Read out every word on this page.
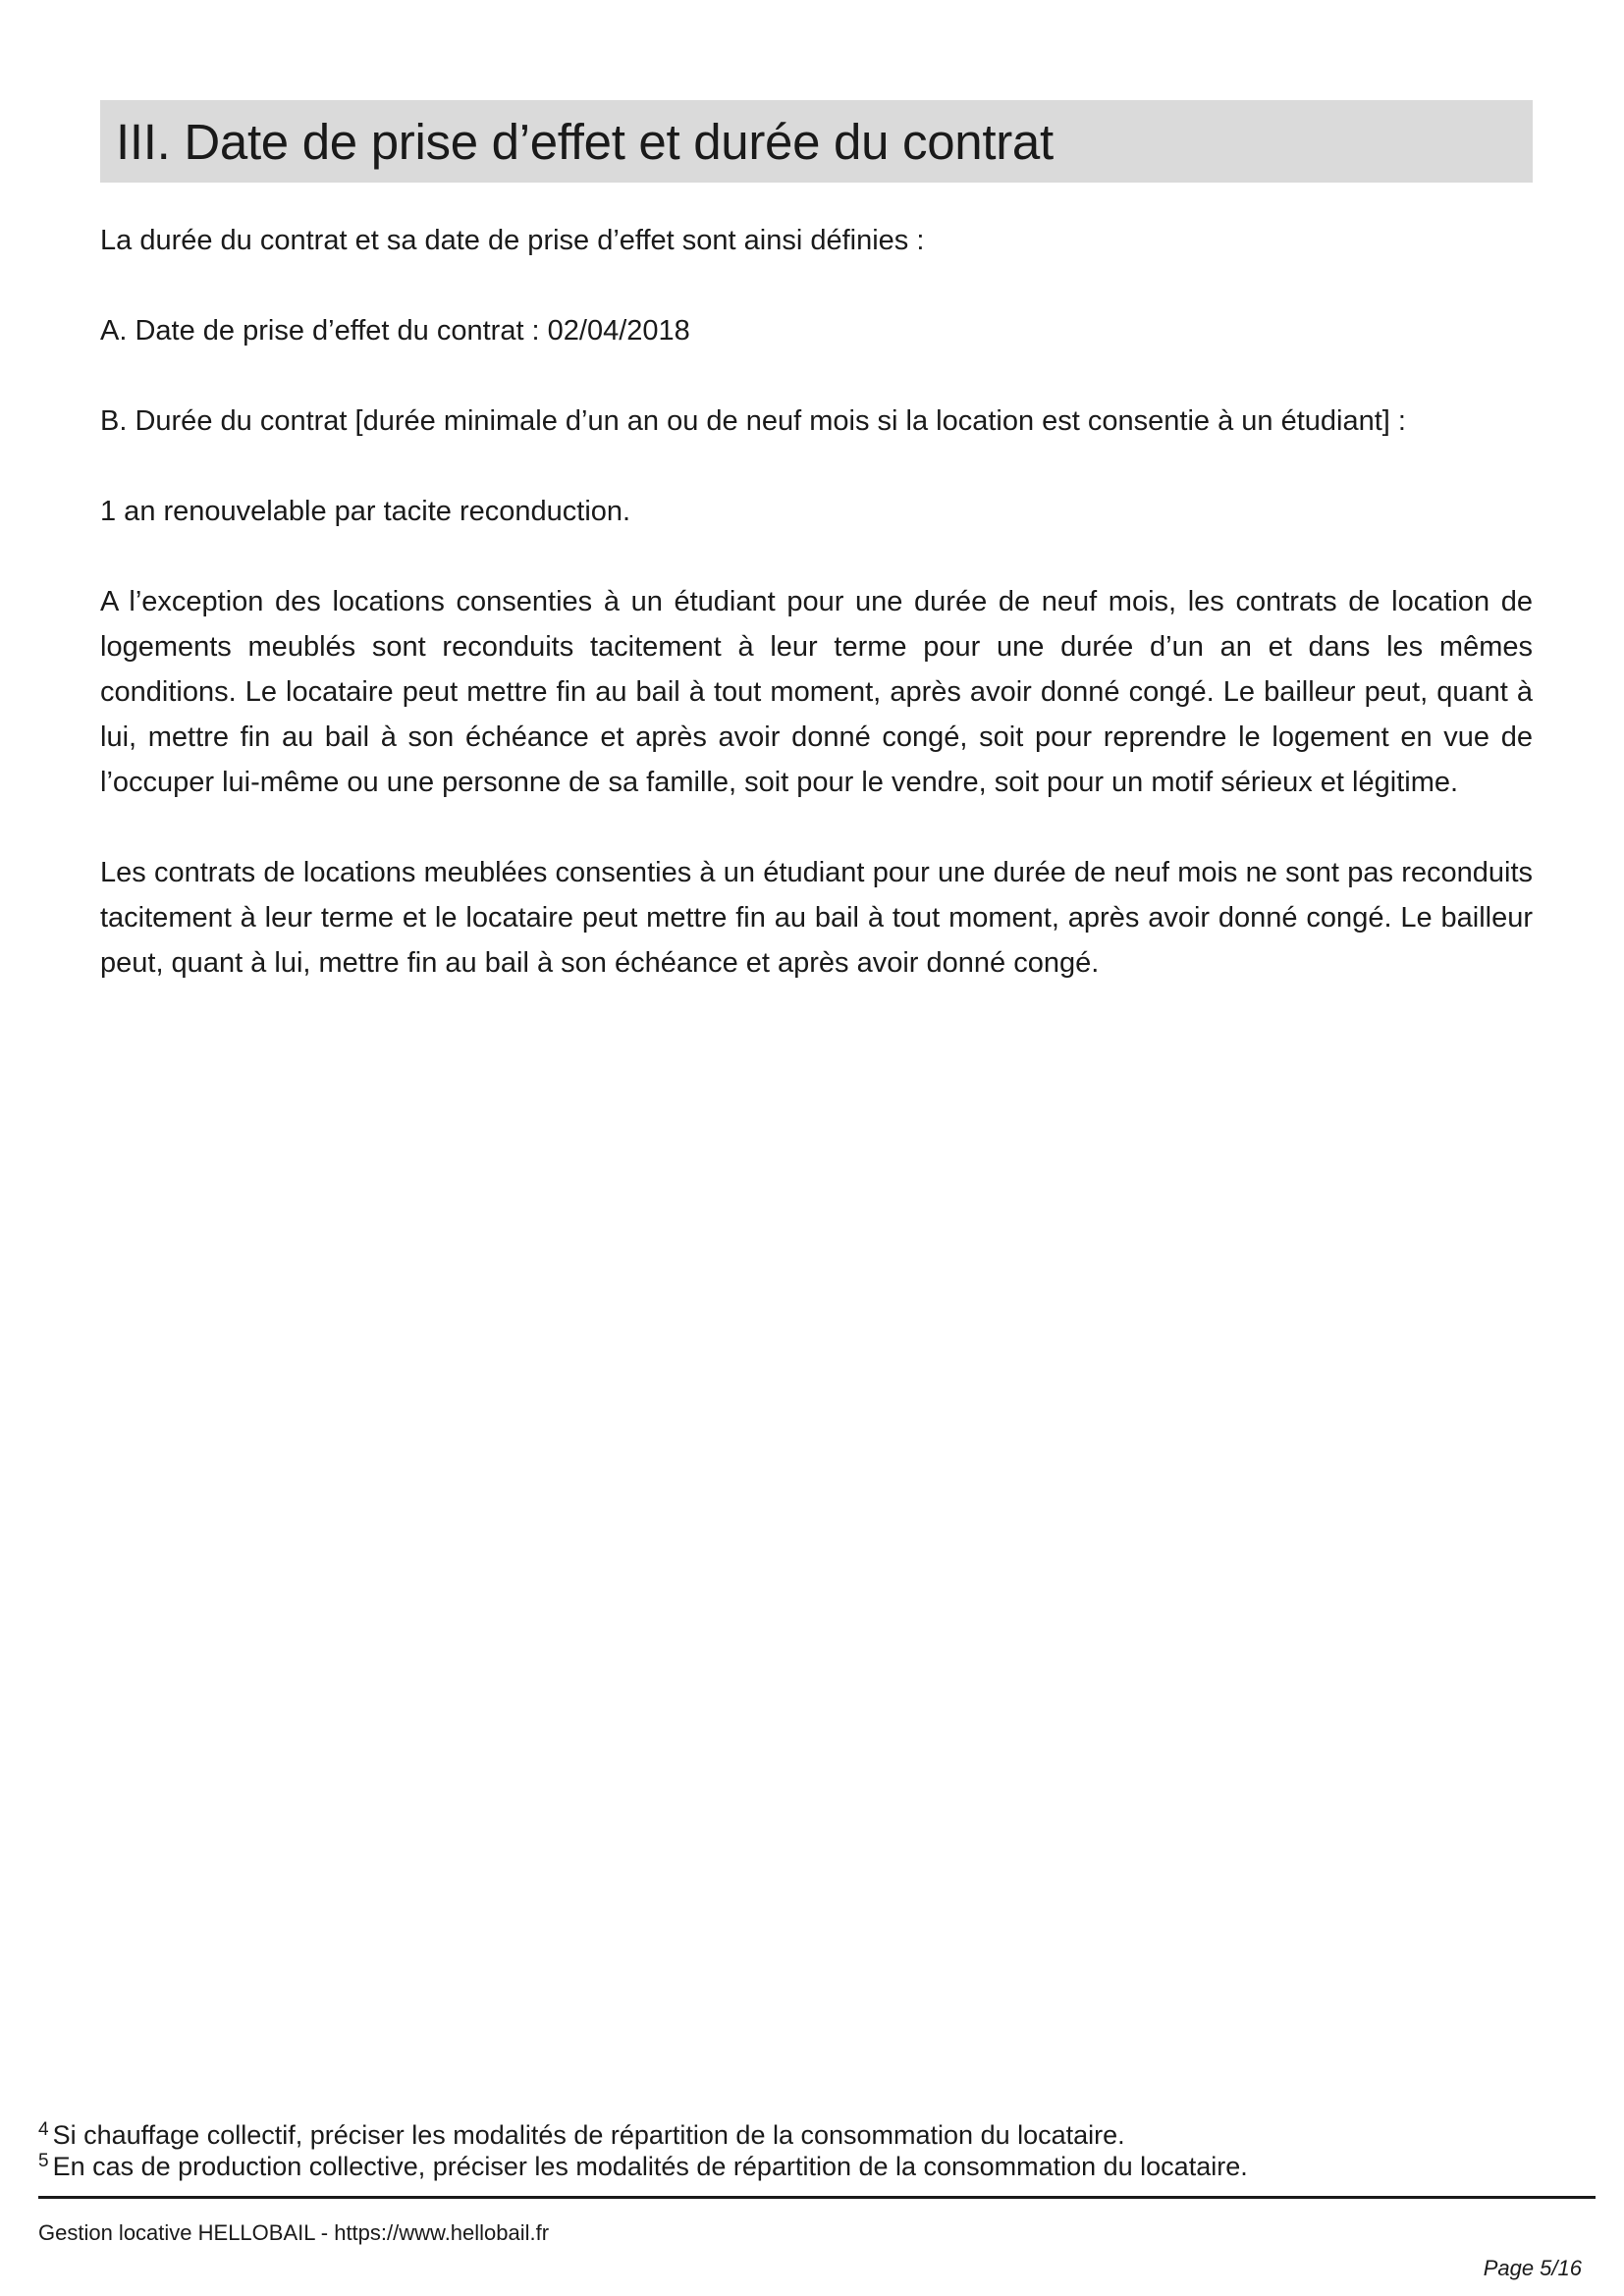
III. Date de prise d’effet et durée du contrat

La durée du contrat et sa date de prise d’effet sont ainsi définies :

A. Date de prise d’effet du contrat : 02/04/2018

B. Durée du contrat [durée minimale d’un an ou de neuf mois si la location est consentie à un étudiant] :

1 an renouvelable par tacite reconduction.

A l’exception des locations consenties à un étudiant pour une durée de neuf mois, les contrats de location de logements meublés sont reconduits tacitement à leur terme pour une durée d’un an et dans les mêmes conditions. Le locataire peut mettre fin au bail à tout moment, après avoir donné congé. Le bailleur peut, quant à lui, mettre fin au bail à son échéance et après avoir donné congé, soit pour reprendre le logement en vue de l’occuper lui-même ou une personne de sa famille, soit pour le vendre, soit pour un motif sérieux et légitime.

Les contrats de locations meublées consenties à un étudiant pour une durée de neuf mois ne sont pas reconduits tacitement à leur terme et le locataire peut mettre fin au bail à tout moment, après avoir donné congé. Le bailleur peut, quant à lui, mettre fin au bail à son échéance et après avoir donné congé.

$^4$ Si chauffage collectif, préciser les modalités de répartition de la consommation du locataire.

$^5$ En cas de production collective, préciser les modalités de répartition de la consommation du locataire.

Gestion locative HELLOBAIL - https://www.hellobail.fr
Page 5/16
